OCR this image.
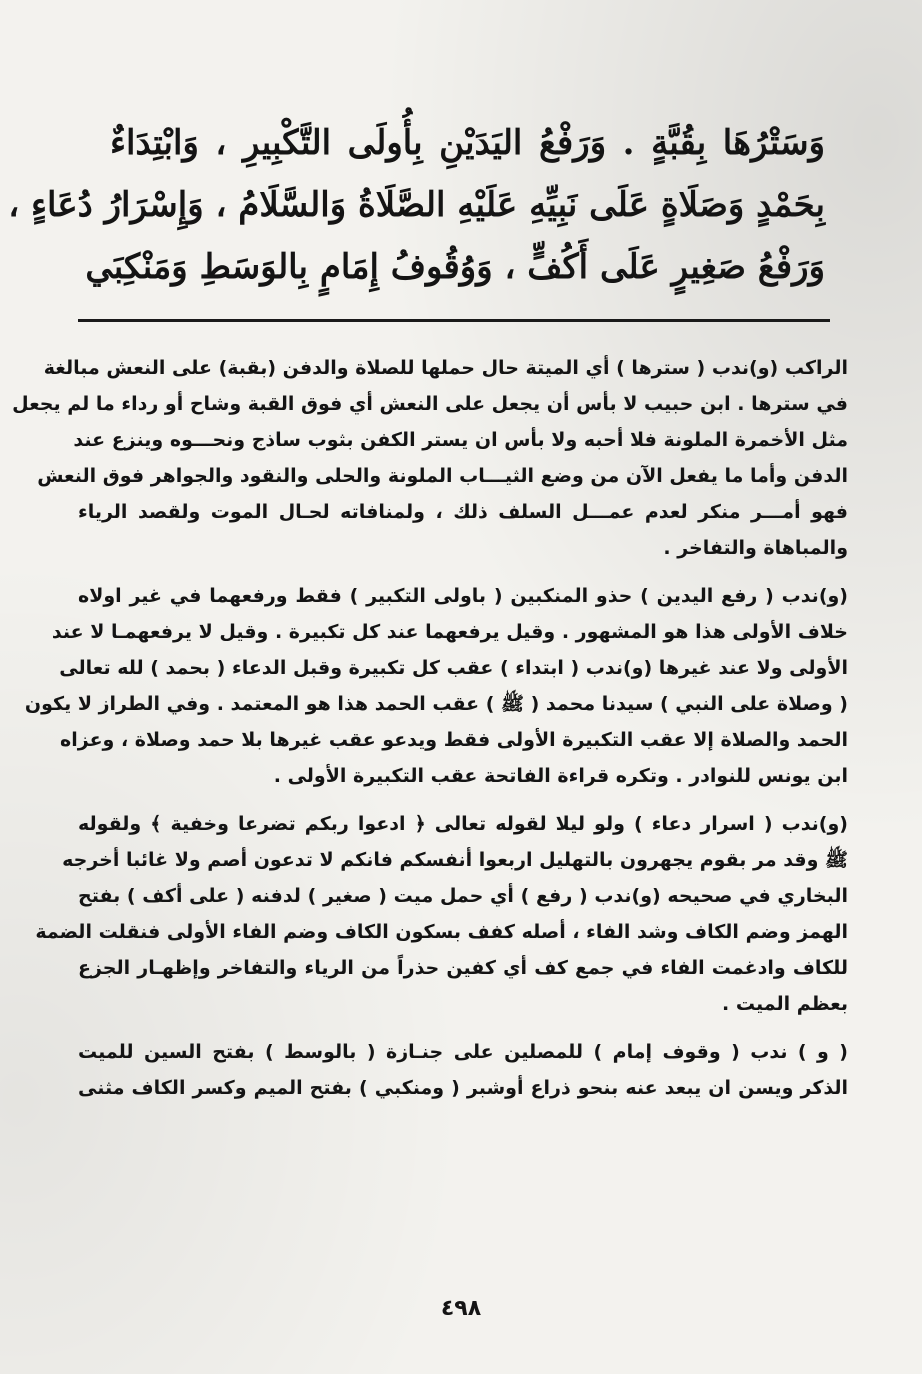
وَسَتْرُهَا بِقُبَّةٍ . وَرَفْعُ اليَدَيْنِ بِأُولَى التَّكْبِيرِ ، وَابْتِدَاءٌ
بِحَمْدٍ وَصَلَاةٍ عَلَى نَبِيِّهِ عَلَيْهِ الصَّلَاةُ وَالسَّلَامُ ، وَإِسْرَارُ دُعَاءٍ ،
وَرَفْعُ صَغِيرٍ عَلَى أَكُفٍّ ، وَوُقُوفُ إِمَامٍ بِالوَسَطِ وَمَنْكِبَي
الراكب (و)ندب ( سترها ) أي الميتة حال حملها للصلاة والدفن (بقبة) على النعش مبالغة
في سترها . ابن حبيب لا بأس أن يجعل على النعش أي فوق القبة وشاح أو رداء ما لم يجعل
مثل الأخمرة الملونة فلا أحبه ولا بأس ان يستر الكفن بثوب ساذج ونحـــوه وينزع عند
الدفن وأما ما يفعل الآن من وضع الثيـــاب الملونة والحلى والنقود والجواهر فوق النعش
فهو أمـــر منكر لعدم عمـــل السلف ذلك ، ولمنافاته لحـال الموت ولقصد الرياء
والمباهاة والتفاخر .
(و)ندب ( رفع اليدين ) حذو المنكبين ( باولى التكبير ) فقط ورفعهما في غير اولاه
خلاف الأولى هذا هو المشهور . وقيل يرفعهما عند كل تكبيرة . وقيل لا يرفعهمـا لا عند
الأولى ولا عند غيرها (و)ندب ( ابتداء ) عقب كل تكبيرة وقبل الدعاء ( بحمد ) لله تعالى
( وصلاة على النبي ) سيدنا محمد ( ﷺ ) عقب الحمد هذا هو المعتمد . وفي الطراز لا يكون
الحمد والصلاة إلا عقب التكبيرة الأولى فقط ويدعو عقب غيرها بلا حمد وصلاة ، وعزاه
ابن يونس للنوادر . وتكره قراءة الفاتحة عقب التكبيرة الأولى .
(و)ندب ( اسرار دعاء ) ولو ليلا لقوله تعالى ﴿ ادعوا ربكم تضرعا وخفية ﴾ ولقوله
ﷺ وقد مر بقوم يجهرون بالتهليل اربعوا أنفسكم فانكم لا تدعون أصم ولا غائبا أخرجه
البخاري في صحيحه (و)ندب ( رفع ) أي حمل ميت ( صغير ) لدفنه ( على أكف ) بفتح
الهمز وضم الكاف وشد الفاء ، أصله كفف بسكون الكاف وضم الفاء الأولى فنقلت الضمة
للكاف وادغمت الفاء في جمع كف أي كفين حذراً من الرياء والتفاخر وإظهـار الجزع
بعظم الميت .
( و ) ندب ( وقوف إمام ) للمصلين على جنـازة ( بالوسط ) بفتح السين للميت
الذكر ويسن ان يبعد عنه بنحو ذراع أوشبر ( ومنكبي ) بفتح الميم وكسر الكاف مثنى
٤٩٨
